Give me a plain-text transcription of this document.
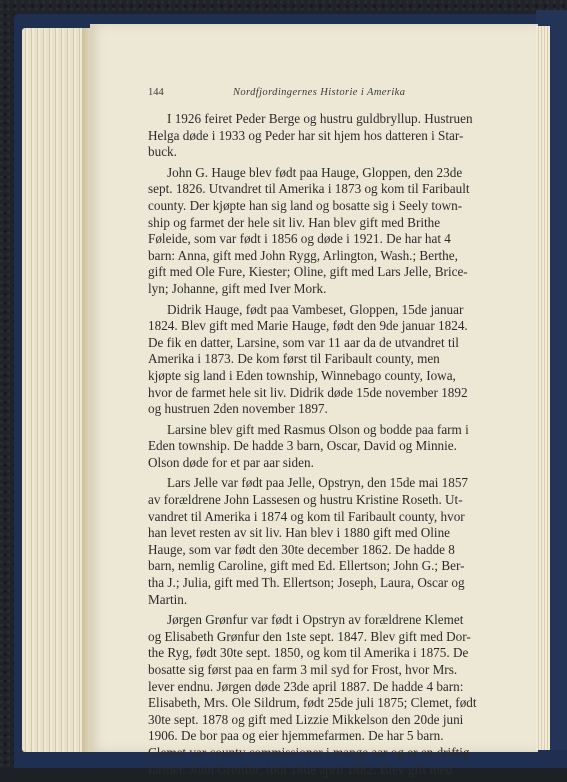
144	Nordfjordingernes Historie i Amerika

I 1926 feiret Peder Berge og hustru guldbryllup. Hustruen
Helga døde i 1933 og Peder har sit hjem hos datteren i Star-
buck.

John G. Hauge blev født paa Hauge, Gloppen, den 23de
sept. 1826. Utvandret til Amerika i 1873 og kom til Faribault
county. Der kjøpte han sig land og bosatte sig i Seely town-
ship og farmet der hele sit liv. Han blev gift med Brithe
Føleide, som var født i 1856 og døde i 1921. De har hat 4
barn: Anna, gift med John Rygg, Arlington, Wash.; Berthe,
gift med Ole Fure, Kiester; Oline, gift med Lars Jelle, Brice-
lyn; Johanne, gift med Iver Mork.

Didrik Hauge, født paa Vambeset, Gloppen, 15de januar
1824. Blev gift med Marie Hauge, født den 9de januar 1824.
De fik en datter, Larsine, som var 11 aar da de utvandret til
Amerika i 1873. De kom først til Faribault county, men
kjøpte sig land i Eden township, Winnebago county, Iowa,
hvor de farmet hele sit liv. Didrik døde 15de november 1892
og hustruen 2den november 1897.

Larsine blev gift med Rasmus Olson og bodde paa farm i
Eden township. De hadde 3 barn, Oscar, David og Minnie.
Olson døde for et par aar siden.

Lars Jelle var født paa Jelle, Opstryn, den 15de mai 1857
av forældrene John Lassesen og hustru Kristine Roseth. Ut-
vandret til Amerika i 1874 og kom til Faribault county, hvor
han levet resten av sit liv. Han blev i 1880 gift med Oline
Hauge, som var født den 30te december 1862. De hadde 8
barn, nemlig Caroline, gift med Ed. Ellertson; John G.; Ber-
tha J.; Julia, gift med Th. Ellertson; Joseph, Laura, Oscar og
Martin.

Jørgen Grønfur var født i Opstryn av forældrene Klemet
og Elisabeth Grønfur den 1ste sept. 1847. Blev gift med Dor-
the Ryg, født 30te sept. 1850, og kom til Amerika i 1875. De
bosatte sig først paa en farm 3 mil syd for Frost, hvor Mrs.
lever endnu. Jørgen døde 23de april 1887. De hadde 4 barn:
Elisabeth, Mrs. Ole Sildrum, født 25de juli 1875; Clemet, født
30te sept. 1878 og gift med Lizzie Mikkelson den 20de juni
1906. De bor paa og eier hjemmefarmen. De har 5 barn.
Clemet var county commissioner i mange aar og er en driftig
farmer. John Grønfur, født 18de april 1882. Blev gift med
